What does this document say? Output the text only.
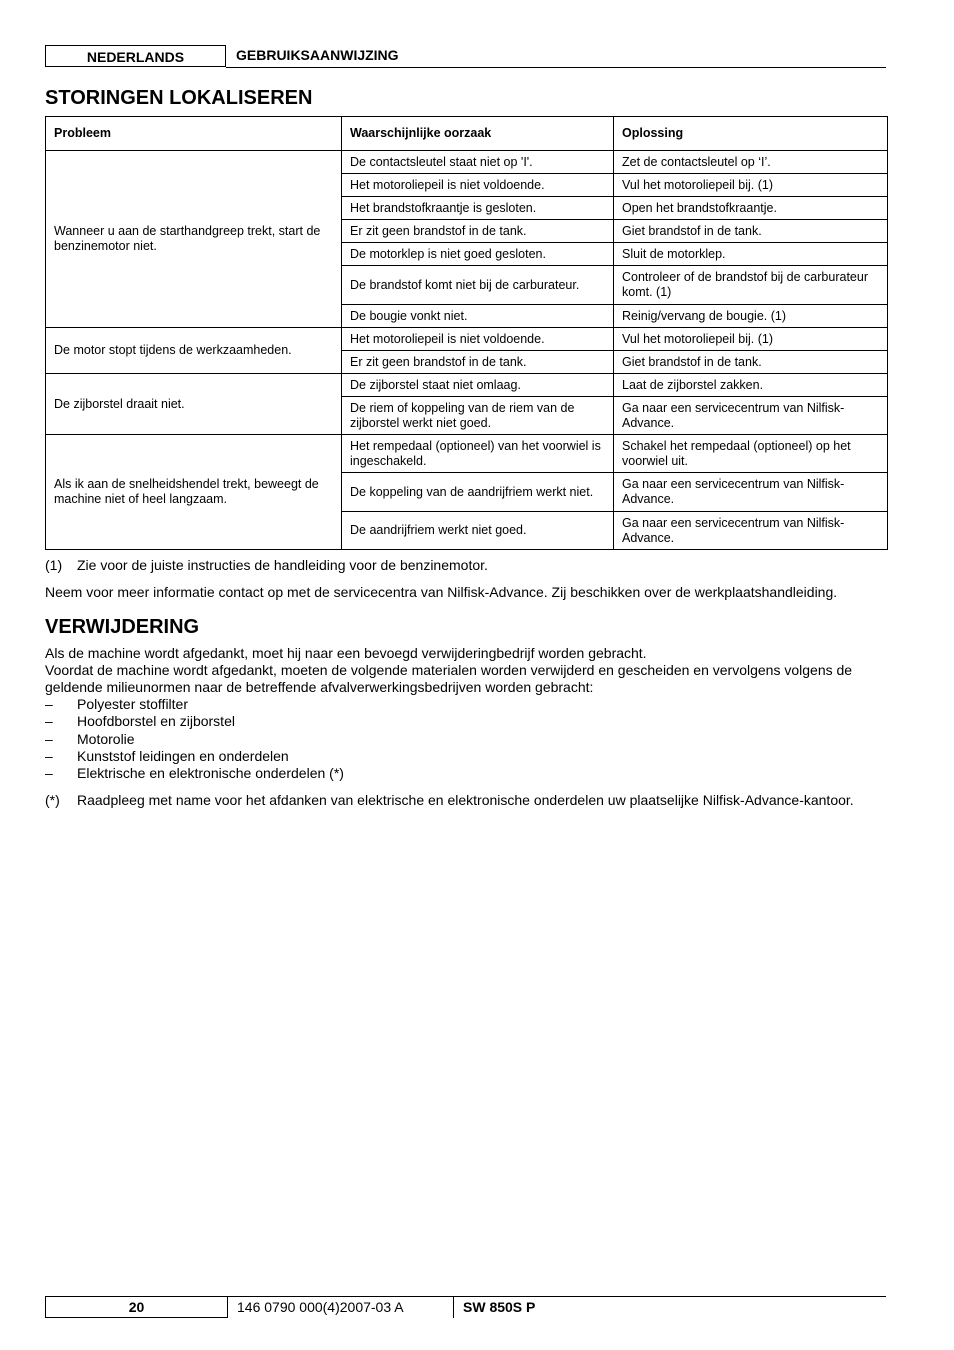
NEDERLANDS	GEBRUIKSAANWIJZING
STORINGEN LOKALISEREN
Probleem	Waarschijnlijke oorzaak	Oplossing
Wanneer u aan de starthandgreep trekt, start de benzinemotor niet.	De contactsleutel staat niet op 'I'.	Zet de contactsleutel op ‘I’.
	Het motoroliepeil is niet voldoende.	Vul het motoroliepeil bij. (1)
	Het brandstofkraantje is gesloten.	Open het brandstofkraantje.
	Er zit geen brandstof in de tank.	Giet brandstof in de tank.
	De motorklep is niet goed gesloten.	Sluit de motorklep.
	De brandstof komt niet bij de carburateur.	Controleer of de brandstof bij de carburateur komt. (1)
	De bougie vonkt niet.	Reinig/vervang de bougie. (1)
De motor stopt tijdens de werkzaamheden.	Het motoroliepeil is niet voldoende.	Vul het motoroliepeil bij. (1)
	Er zit geen brandstof in de tank.	Giet brandstof in de tank.
De zijborstel draait niet.	De zijborstel staat niet omlaag.	Laat de zijborstel zakken.
	De riem of koppeling van de riem van de zijborstel werkt niet goed.	Ga naar een servicecentrum van Nilfisk-Advance.
Als ik aan de snelheidshendel trekt, beweegt de machine niet of heel langzaam.	Het rempedaal (optioneel) van het voorwiel is ingeschakeld.	Schakel het rempedaal (optioneel) op het voorwiel uit.
	De koppeling van de aandrijfriem werkt niet.	Ga naar een servicecentrum van Nilfisk-Advance.
	De aandrijfriem werkt niet goed.	Ga naar een servicecentrum van Nilfisk-Advance.
(1) Zie voor de juiste instructies de handleiding voor de benzinemotor.
Neem voor meer informatie contact op met de servicecentra van Nilfisk-Advance. Zij beschikken over de werkplaatshandleiding.
VERWIJDERING
Als de machine wordt afgedankt, moet hij naar een bevoegd verwijderingbedrijf worden gebracht.
Voordat de machine wordt afgedankt, moeten de volgende materialen worden verwijderd en gescheiden en vervolgens volgens de geldende milieunormen naar de betreffende afvalverwerkingsbedrijven worden gebracht:
– Polyester stoffilter
– Hoofdborstel en zijborstel
– Motorolie
– Kunststof leidingen en onderdelen
– Elektrische en elektronische onderdelen (*)
(*) Raadpleeg met name voor het afdanken van elektrische en elektronische onderdelen uw plaatselijke Nilfisk-Advance-kantoor.
20	146 0790 000(4)2007-03 A	SW 850S P
